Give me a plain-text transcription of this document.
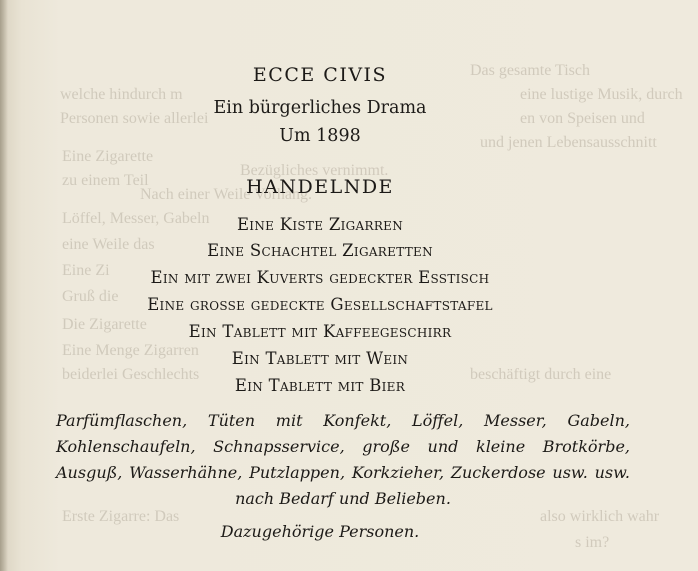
Das gesamte Tisch
eine lustige Musik, durch
welche hindurch m
en von Speisen und
Personen sowie allerlei
und jenen Lebensausschnitt
Bezügliches vernimmt.
Nach einer Weile Vorhang.
Eine Zigarette
zu einem Teil
Löffel, Messer, Gabeln
eine Weile das
Eine Zi
Gruß die
Die Zigarette
Eine Menge Zigarren
beiderlei Geschlechts	beschäftigt durch eine
Erste Zigarre: Das	also wirklich wahr
s im?
ECCE CIVIS
Ein bürgerliches Drama
Um 1898
HANDELNDE
Eine Kiste Zigarren
Eine Schachtel Zigaretten
Ein mit zwei Kuverts gedeckter Esstisch
Eine grosse gedeckte Gesellschaftstafel
Ein Tablett mit Kaffeegeschirr
Ein Tablett mit Wein
Ein Tablett mit Bier
Parfümflaschen, Tüten mit Konfekt, Löffel, Messer, Gabeln, Kohlenschaufeln, Schnapsservice, große und kleine Brotkörbe, Ausguß, Wasserhähne, Putzlappen, Korkzieher, Zuckerdose usw. usw. nach Bedarf und Belieben.
Dazugehörige Personen.
